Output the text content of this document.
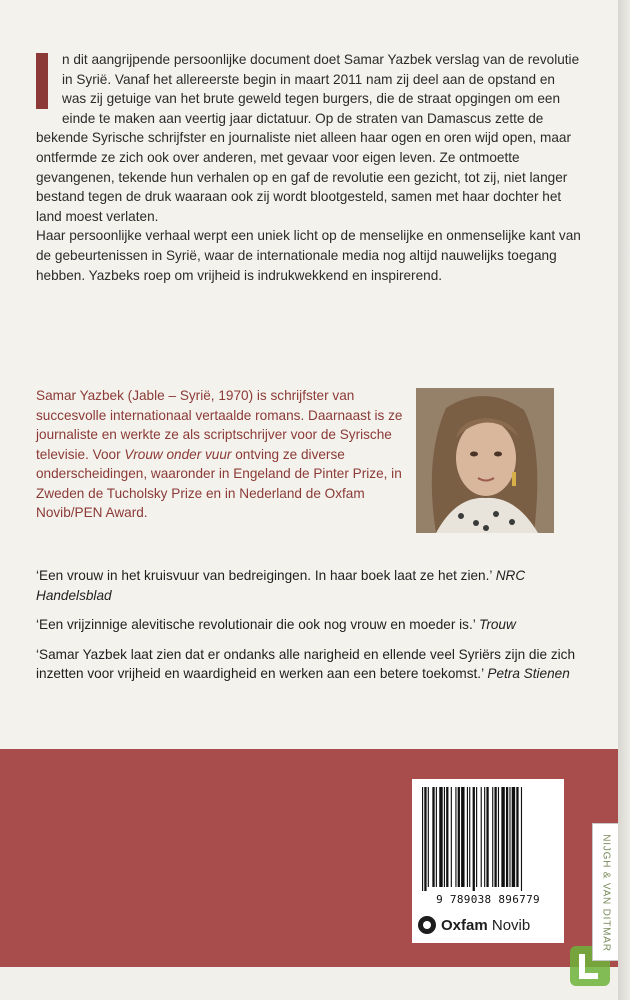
n dit aangrijpende persoonlijke document doet Samar Yazbek verslag van de revolutie in Syrië. Vanaf het allereerste begin in maart 2011 nam zij deel aan de opstand en was zij getuige van het brute geweld tegen burgers, die de straat opgingen om een einde te maken aan veertig jaar dictatuur. Op de straten van Damascus zette de bekende Syrische schrijfster en journaliste niet alleen haar ogen en oren wijd open, maar ontfermde ze zich ook over anderen, met gevaar voor eigen leven. Ze ontmoette gevangenen, tekende hun verhalen op en gaf de revolutie een gezicht, tot zij, niet langer bestand tegen de druk waaraan ook zij wordt blootgesteld, samen met haar dochter het land moest verlaten.

Haar persoonlijke verhaal werpt een uniek licht op de menselijke en onmenselijke kant van de gebeurtenissen in Syrië, waar de internationale media nog altijd nauwelijks toegang hebben. Yazbeks roep om vrijheid is indrukwekkend en inspirerend.

Samar Yazbek (Jable – Syrië, 1970) is schrijfster van succesvolle internationaal vertaalde romans. Daarnaast is ze journaliste en werkte ze als scriptschrijver voor de Syrische televisie. Voor Vrouw onder vuur ontving ze diverse onderscheidingen, waaronder in Engeland de Pinter Prize, in Zweden de Tucholsky Prize en in Nederland de Oxfam Novib/PEN Award.

‘Een vrouw in het kruisvuur van bedreigingen. In haar boek laat ze het zien.’ NRC Handelsblad

‘Een vrijzinnige alevitische revolutionair die ook nog vrouw en moeder is.’ Trouw

‘Samar Yazbek laat zien dat er ondanks alle narigheid en ellende veel Syriërs zijn die zich inzetten voor vrijheid en waardigheid en werken aan een betere toekomst.’ Petra Stienen

9 789038 896779
Oxfam Novib	NIJGH & VAN DITMAR
